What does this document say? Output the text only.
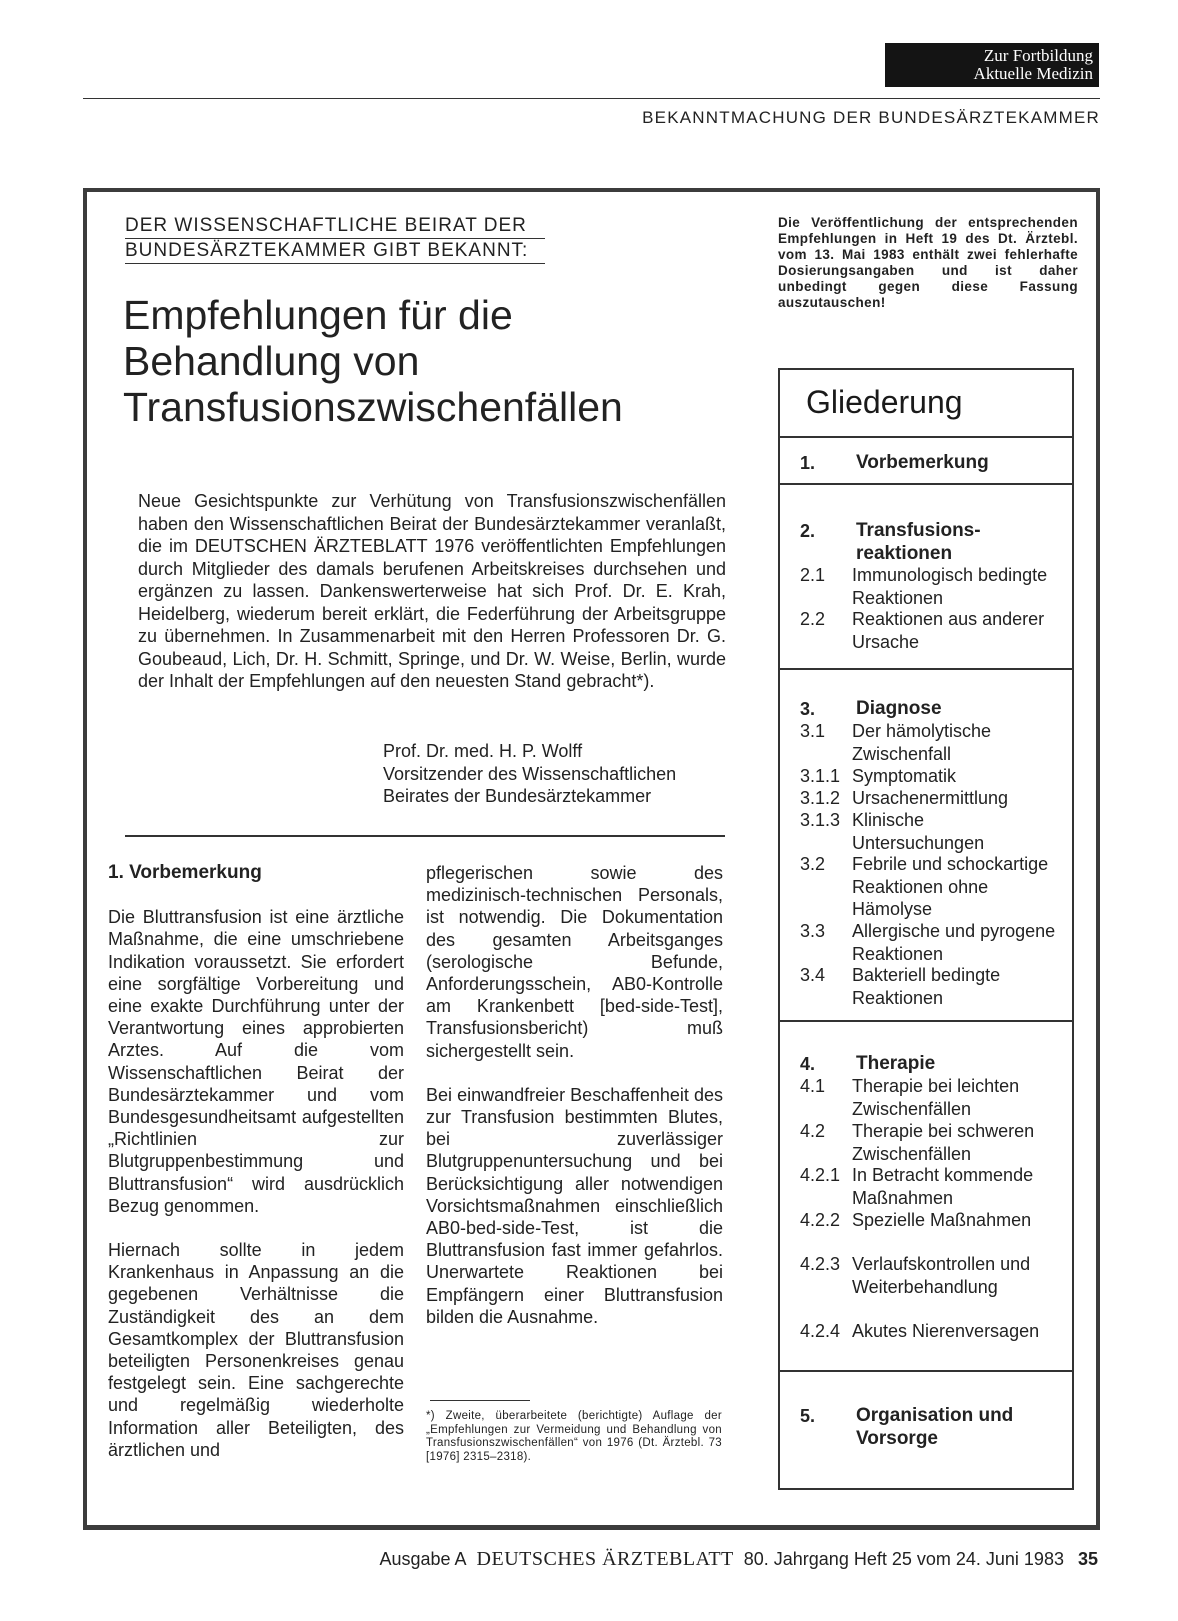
Zur Fortbildung
Aktuelle Medizin
BEKANNTMACHUNG DER BUNDESÄRZTEKAMMER
DER WISSENSCHAFTLICHE BEIRAT DER
BUNDESÄRZTEKAMMER GIBT BEKANNT:
Empfehlungen für die
Behandlung von
Transfusionszwischenfällen
Die Veröffentlichung der entsprechenden Empfehlungen in Heft 19 des Dt. Ärztebl. vom 13. Mai 1983 enthält zwei fehlerhafte Dosierungsangaben und ist daher unbedingt gegen diese Fassung auszutauschen!
Neue Gesichtspunkte zur Verhütung von Transfusionszwischenfällen haben den Wissenschaftlichen Beirat der Bundesärztekammer veranlaßt, die im DEUTSCHEN ÄRZTEBLATT 1976 veröffentlichten Empfehlungen durch Mitglieder des damals berufenen Arbeitskreises durchsehen und ergänzen zu lassen. Dankenswerterweise hat sich Prof. Dr. E. Krah, Heidelberg, wiederum bereit erklärt, die Federführung der Arbeitsgruppe zu übernehmen. In Zusammenarbeit mit den Herren Professoren Dr. G. Goubeaud, Lich, Dr. H. Schmitt, Springe, und Dr. W. Weise, Berlin, wurde der Inhalt der Empfehlungen auf den neuesten Stand gebracht*).
Prof. Dr. med. H. P. Wolff
Vorsitzender des Wissenschaftlichen
Beirates der Bundesärztekammer
1. Vorbemerkung

Die Bluttransfusion ist eine ärztliche Maßnahme, die eine umschriebene Indikation voraussetzt. Sie erfordert eine sorgfältige Vorbereitung und eine exakte Durchführung unter der Verantwortung eines approbierten Arztes. Auf die vom Wissenschaftlichen Beirat der Bundesärztekammer und vom Bundesgesundheitsamt aufgestellten „Richtlinien zur Blutgruppenbestimmung und Bluttransfusion“ wird ausdrücklich Bezug genommen.

Hiernach sollte in jedem Krankenhaus in Anpassung an die gegebenen Verhältnisse die Zuständigkeit des an dem Gesamtkomplex der Bluttransfusion beteiligten Personenkreises genau festgelegt sein. Eine sachgerechte und regelmäßig wiederholte Information aller Beteiligten, des ärztlichen und

pflegerischen sowie des medizinisch-technischen Personals, ist notwendig. Die Dokumentation des gesamten Arbeitsganges (serologische Befunde, Anforderungsschein, AB0-Kontrolle am Krankenbett [bed-side-Test], Transfusionsbericht) muß sichergestellt sein.

Bei einwandfreier Beschaffenheit des zur Transfusion bestimmten Blutes, bei zuverlässiger Blutgruppenuntersuchung und bei Berücksichtigung aller notwendigen Vorsichtsmaßnahmen einschließlich AB0-bed-side-Test, ist die Bluttransfusion fast immer gefahrlos. Unerwartete Reaktionen bei Empfängern einer Bluttransfusion bilden die Ausnahme.

*) Zweite, überarbeitete (berichtigte) Auflage der „Empfehlungen zur Vermeidung und Behandlung von Transfusionszwischenfällen“ von 1976 (Dt. Ärztebl. 73 [1976] 2315–2318).
Gliederung
1. Vorbemerkung
2. Transfusions-reaktionen
2.1 Immunologisch bedingte Reaktionen
2.2 Reaktionen aus anderer Ursache
3. Diagnose
3.1 Der hämolytische Zwischenfall
3.1.1 Symptomatik
3.1.2 Ursachenermittlung
3.1.3 Klinische Untersuchungen
3.2 Febrile und schockartige Reaktionen ohne Hämolyse
3.3 Allergische und pyrogene Reaktionen
3.4 Bakteriell bedingte Reaktionen
4. Therapie
4.1 Therapie bei leichten Zwischenfällen
4.2 Therapie bei schweren Zwischenfällen
4.2.1 In Betracht kommende Maßnahmen
4.2.2 Spezielle Maßnahmen
4.2.3 Verlaufskontrollen und Weiterbehandlung
4.2.4 Akutes Nierenversagen
5. Organisation und Vorsorge
Ausgabe A DEUTSCHES ÄRZTEBLATT 80. Jahrgang Heft 25 vom 24. Juni 1983 35
